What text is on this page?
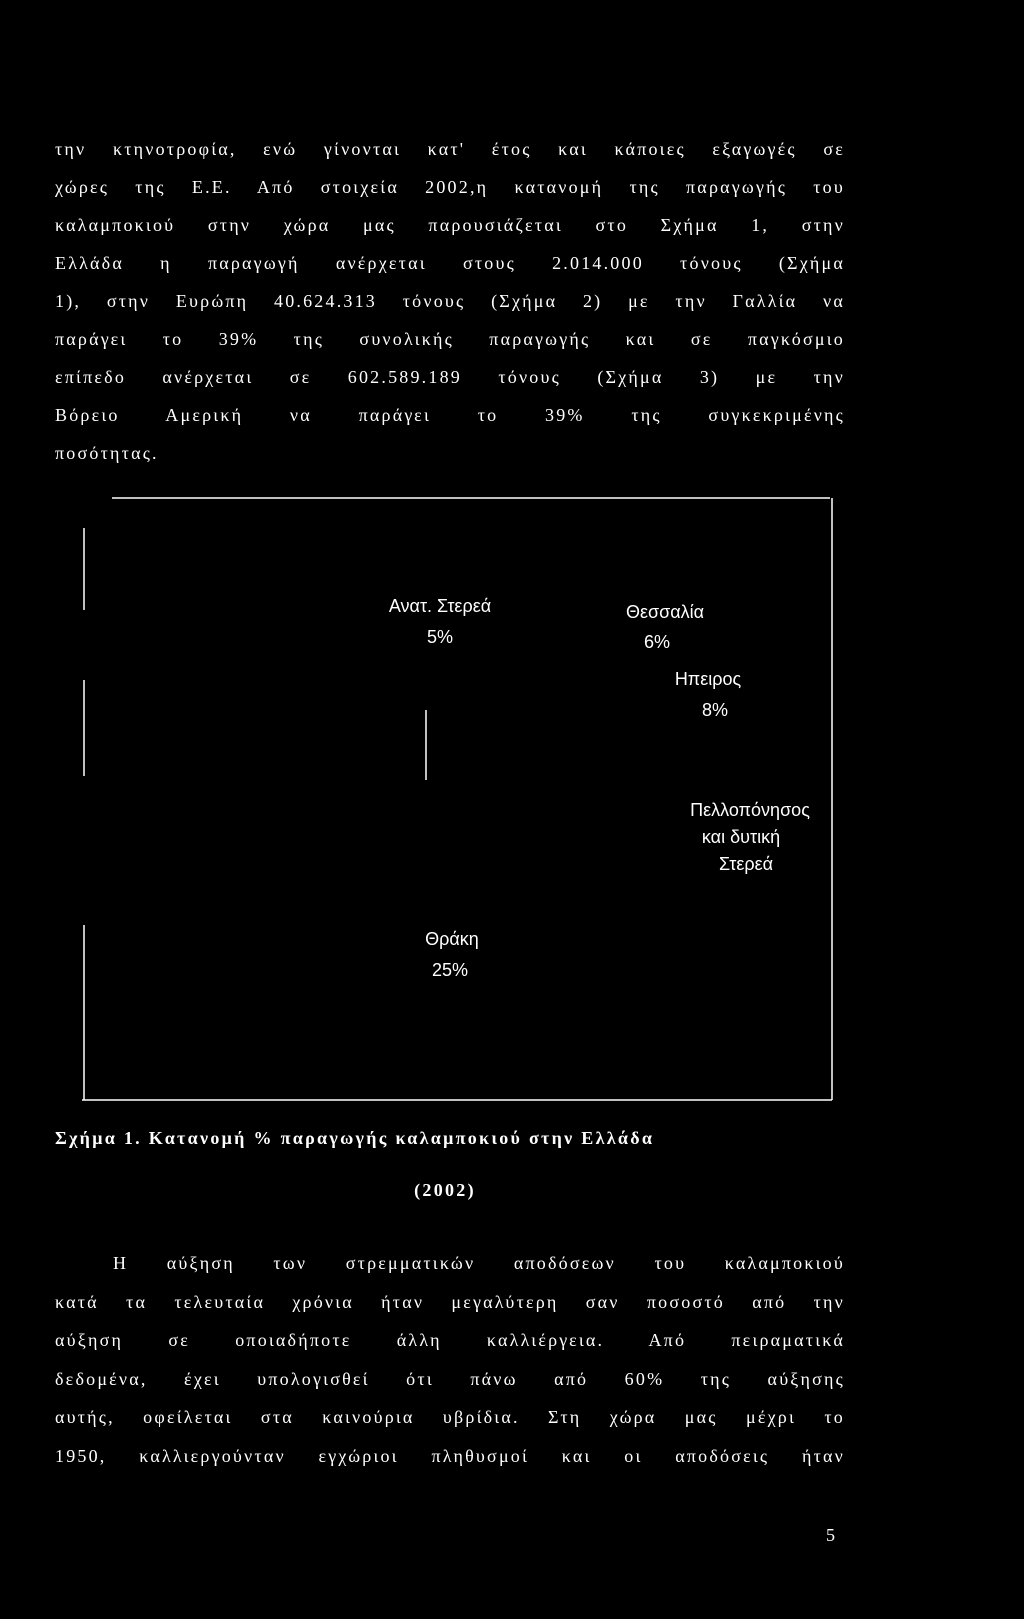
την κτηνοτροφία, ενώ γίνονται κατ' έτος και κάποιες εξαγωγές σε
χώρες της Ε.Ε. Από στοιχεία 2002,η κατανομή της παραγωγής του
καλαμποκιού στην χώρα μας παρουσιάζεται στο Σχήμα 1, στην
Ελλάδα η παραγωγή ανέρχεται στους 2.014.000 τόνους (Σχήμα
1), στην Ευρώπη 40.624.313 τόνους (Σχήμα 2) με την Γαλλία να
παράγει το 39% της συνολικής παραγωγής και σε παγκόσμιο
επίπεδο ανέρχεται σε 602.589.189 τόνους (Σχήμα 3) με την
Βόρειο Αμερική να παράγει το 39% της συγκεκριμένης
ποσότητας.
Θεσσαλία
6%
Ηπειρος
8%
Πελλοπόνησος
και δυτική
Στερεά
Θράκη
25%
Ανατ. Στερεά
5%
Σχήμα 1. Κατανομή % παραγωγής καλαμποκιού στην Ελλάδα
(2002)
Η αύξηση των στρεμματικών αποδόσεων του καλαμποκιού
κατά τα τελευταία χρόνια ήταν μεγαλύτερη σαν ποσοστό από την
αύξηση σε οποιαδήποτε άλλη καλλιέργεια. Από πειραματικά
δεδομένα, έχει υπολογισθεί ότι πάνω από 60% της αύξησης
αυτής, οφείλεται στα καινούρια υβρίδια. Στη χώρα μας μέχρι το
1950, καλλιεργούνταν εγχώριοι πληθυσμοί και οι αποδόσεις ήταν
5
